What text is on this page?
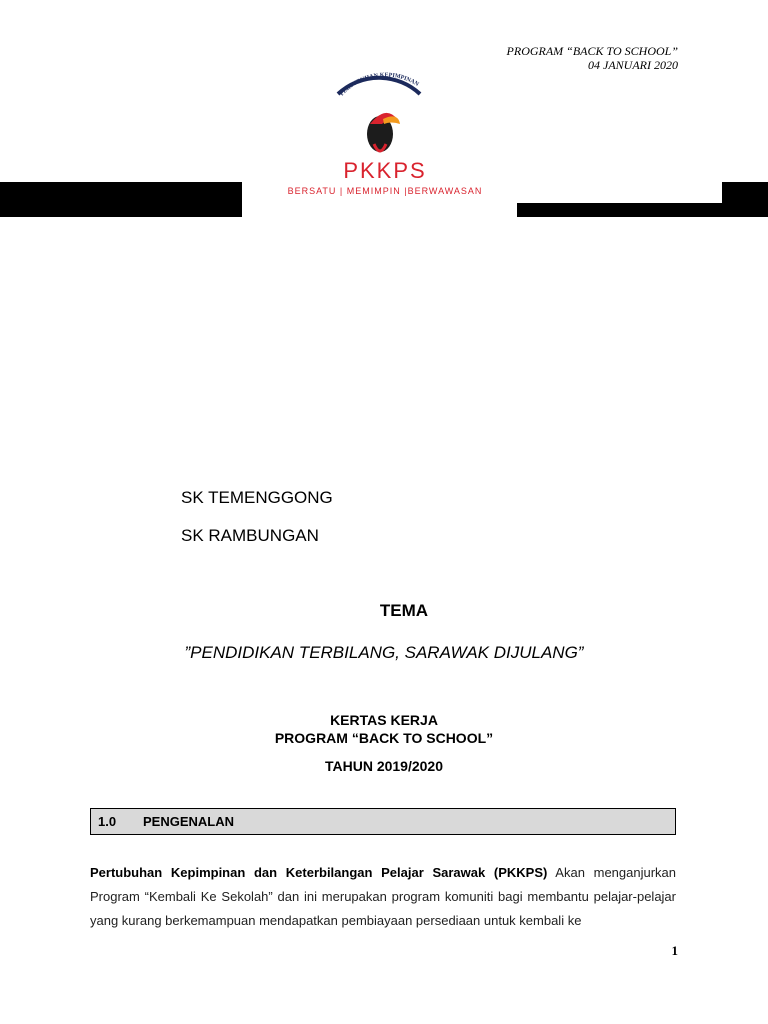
PROGRAM “BACK TO SCHOOL”
04 JANUARI 2020
PERTUBUHAN KEPIMPINAN
PKKPS
BERSATU | MEMIMPIN |BERWAWASAN
SK TEMENGGONG
SK RAMBUNGAN
TEMA
”PENDIDIKAN TERBILANG, SARAWAK DIJULANG”
KERTAS KERJA
PROGRAM “BACK TO SCHOOL”
TAHUN 2019/2020
1.0 PENGENALAN
Pertubuhan Kepimpinan dan Keterbilangan Pelajar Sarawak (PKKPS) Akan menganjurkan Program “Kembali Ke Sekolah” dan ini merupakan program komuniti bagi membantu pelajar-pelajar yang kurang berkemampuan mendapatkan pembiayaan persediaan untuk kembali ke
1
